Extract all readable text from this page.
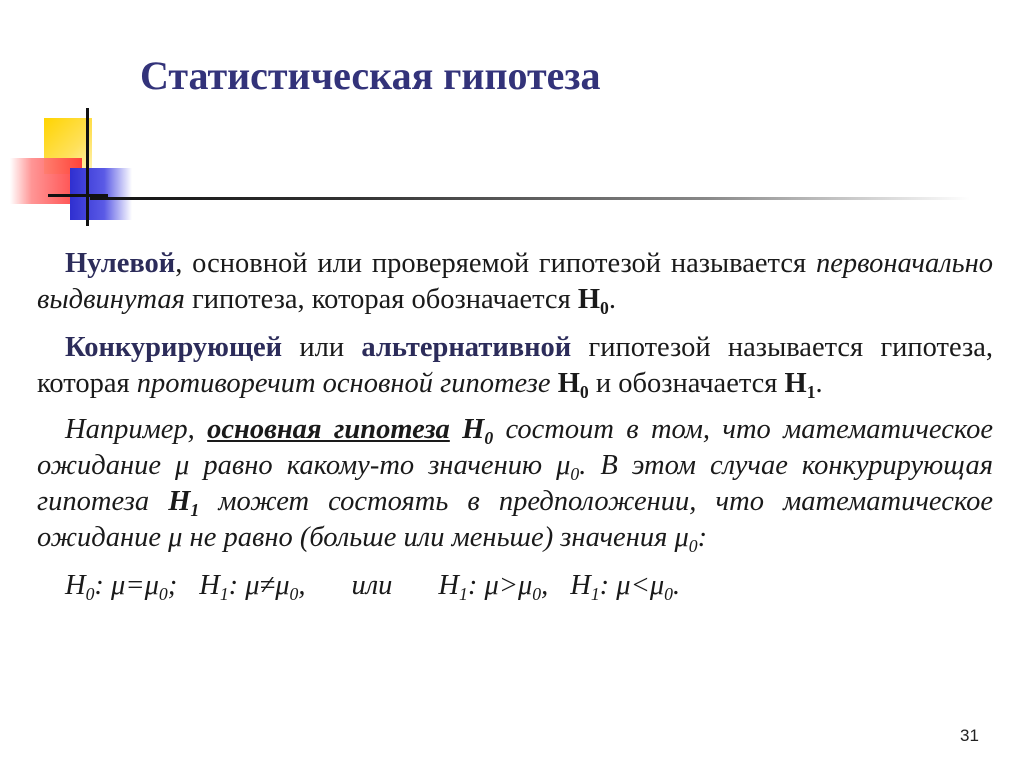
Статистическая гипотеза

Нулевой, основной или проверяемой гипотезой называется первоначально выдвинутая гипотеза, которая обозначается $H_0$.

Конкурирующей или альтернативной гипотезой называется гипотеза, которая противоречит основной гипотезе $H_0$ и обозначается $H_1$.

Например, основная гипотеза $H_0$ состоит в том, что математическое ожидание μ равно какому-то значению $\mu_0$. В этом случае конкурирующая гипотеза $H_1$ может состоять в предположении, что математическое ожидание μ не равно (больше или меньше) значения $\mu_0$:

$H_0$: $\mu=\mu_0$; $H_1$: $\mu\ne\mu_0$, или $H_1$: $\mu>\mu_0$, $H_1$: $\mu<\mu_0$.

31
